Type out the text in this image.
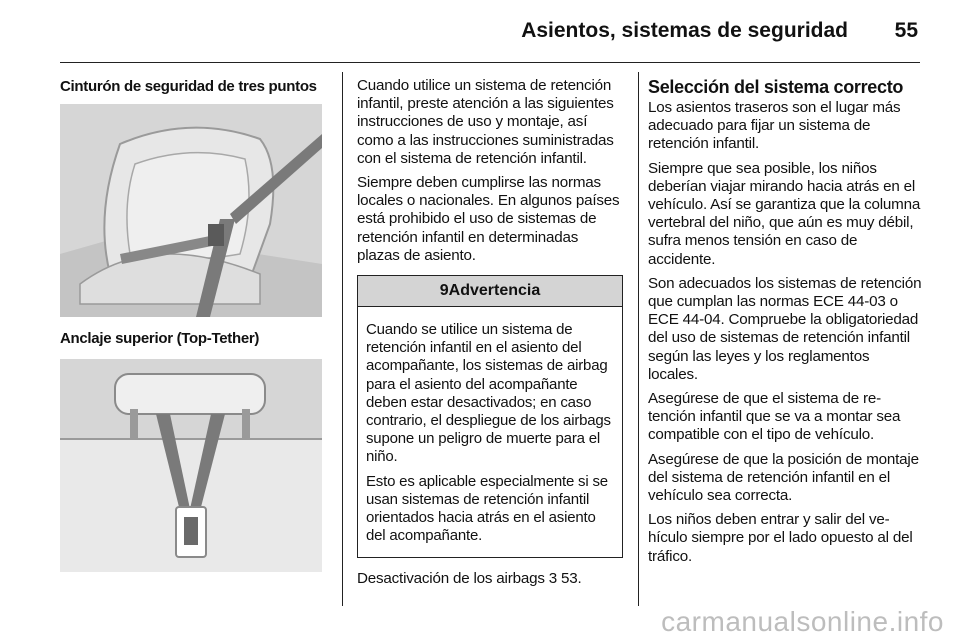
Asientos, sistemas de seguridad 55
Cinturón de seguridad de tres puntos
Anclaje superior (Top-Tether)

Cuando utilice un sistema de retención infantil, preste atención a las siguientes instrucciones de uso y montaje, así como a las instrucciones suministradas con el sistema de retención infantil.

Siempre deben cumplirse las normas locales o nacionales. En algunos países está prohibido el uso de sistemas de retención infantil en determinadas plazas de asiento.

9Advertencia

Cuando se utilice un sistema de retención infantil en el asiento del acompañante, los sistemas de airbag para el asiento del acompañante deben estar desactivados; en caso contrario, el despliegue de los airbags supone un peligro de muerte para el niño.

Esto es aplicable especialmente si se usan sistemas de retención infantil orientados hacia atrás en el asiento del acompañante.

Desactivación de los airbags 3 53.

Selección del sistema correcto

Los asientos traseros son el lugar más adecuado para fijar un sistema de retención infantil.

Siempre que sea posible, los niños deberían viajar mirando hacia atrás en el vehículo. Así se garantiza que la columna vertebral del niño, que aún es muy débil, sufra menos tensión en caso de accidente.

Son adecuados los sistemas de retención que cumplan las normas ECE 44-03 o ECE 44-04. Compruebe la obligatoriedad del uso de sistemas de retención infantil según las leyes y los reglamentos locales.

Asegúrese de que el sistema de retención infantil que se va a montar sea compatible con el tipo de vehículo.

Asegúrese de que la posición de montaje del sistema de retención infantil en el vehículo sea correcta.

Los niños deben entrar y salir del vehículo siempre por el lado opuesto al del tráfico.

carmanualsonline.info
